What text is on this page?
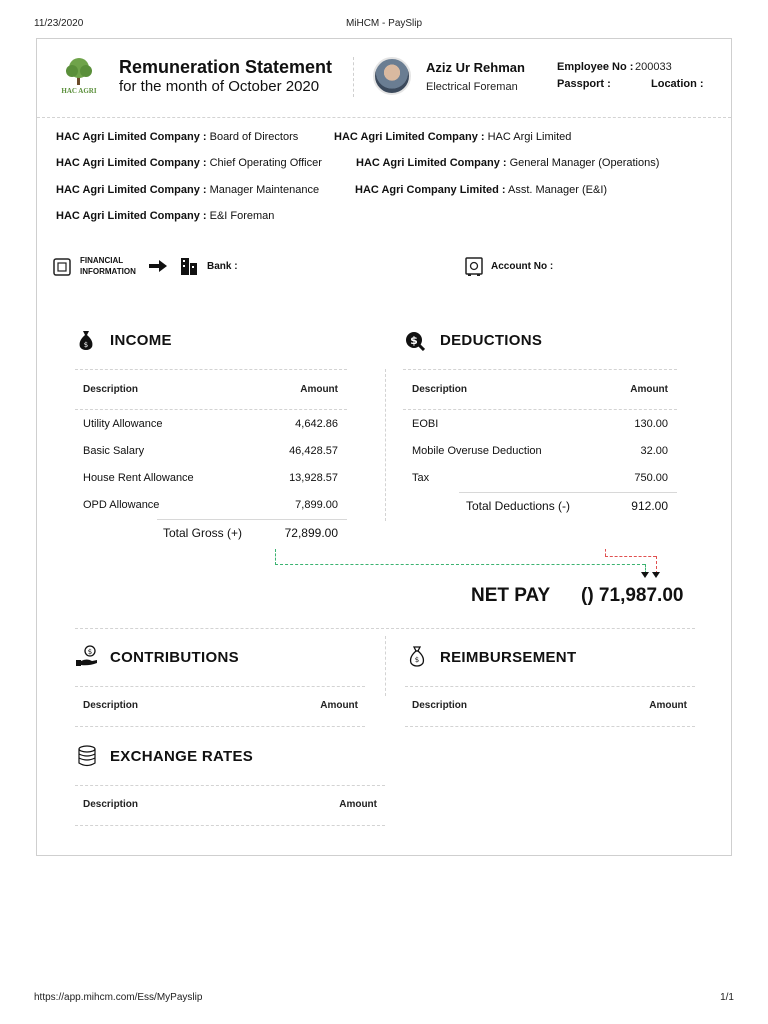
11/23/2020	MiHCM - PaySlip
HAC AGRI
Remuneration Statement
for the month of October 2020
Aziz Ur Rehman
Electrical Foreman
Employee No : 200033
Passport :	Location :
HAC Agri Limited Company : Board of Directors	HAC Agri Limited Company : HAC Argi Limited
HAC Agri Limited Company : Chief Operating Officer	HAC Agri Limited Company : General Manager (Operations)
HAC Agri Limited Company : Manager Maintenance	HAC Agri Company Limited : Asst. Manager (E&I)
HAC Agri Limited Company : E&I Foreman
FINANCIAL
INFORMATION	Bank :	Account No :
$ INCOME
Description	Amount
Utility Allowance	4,642.86
Basic Salary	46,428.57
House Rent Allowance	13,928.57
OPD Allowance	7,899.00
Total Gross (+)	72,899.00
$ DEDUCTIONS
Description	Amount
EOBI	130.00
Mobile Overuse Deduction	32.00
Tax	750.00
Total Deductions (-)	912.00
NET PAY () 71,987.00
$ CONTRIBUTIONS
Description	Amount
$ REIMBURSEMENT
Description	Amount
EXCHANGE RATES
Description	Amount
https://app.mihcm.com/Ess/MyPayslip	1/1
